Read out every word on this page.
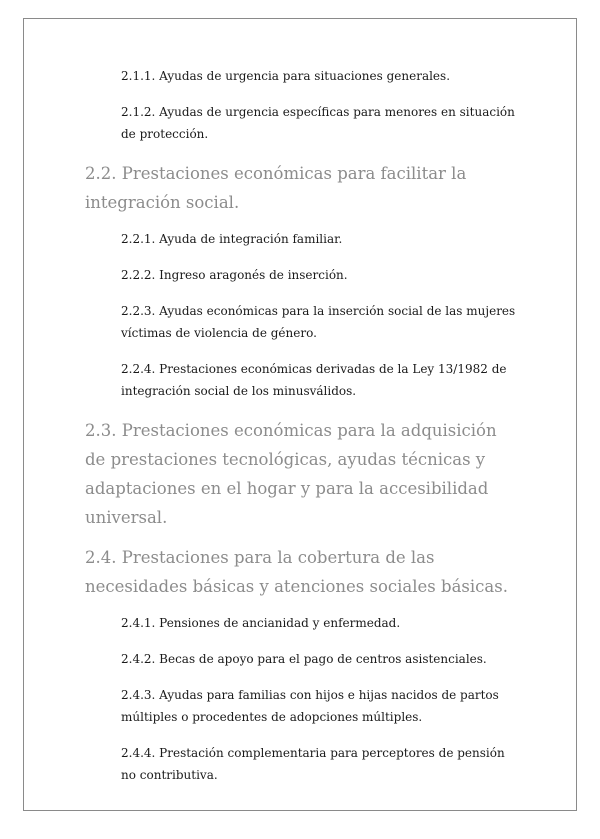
2.1.1. Ayudas de urgencia para situaciones generales.

2.1.2. Ayudas de urgencia específicas para menores en situación de protección.

2.2. Prestaciones económicas para facilitar la integración social.

2.2.1. Ayuda de integración familiar.

2.2.2. Ingreso aragonés de inserción.

2.2.3. Ayudas económicas para la inserción social de las mujeres víctimas de violencia de género.

2.2.4. Prestaciones económicas derivadas de la Ley 13/1982 de integración social de los minusválidos.

2.3. Prestaciones económicas para la adquisición de prestaciones tecnológicas, ayudas técnicas y adaptaciones en el hogar y para la accesibilidad universal.

2.4. Prestaciones para la cobertura de las necesidades básicas y atenciones sociales básicas.

2.4.1. Pensiones de ancianidad y enfermedad.

2.4.2. Becas de apoyo para el pago de centros asistenciales.

2.4.3. Ayudas para familias con hijos e hijas nacidos de partos múltiples o procedentes de adopciones múltiples.

2.4.4. Prestación complementaria para perceptores de pensión no contributiva.
